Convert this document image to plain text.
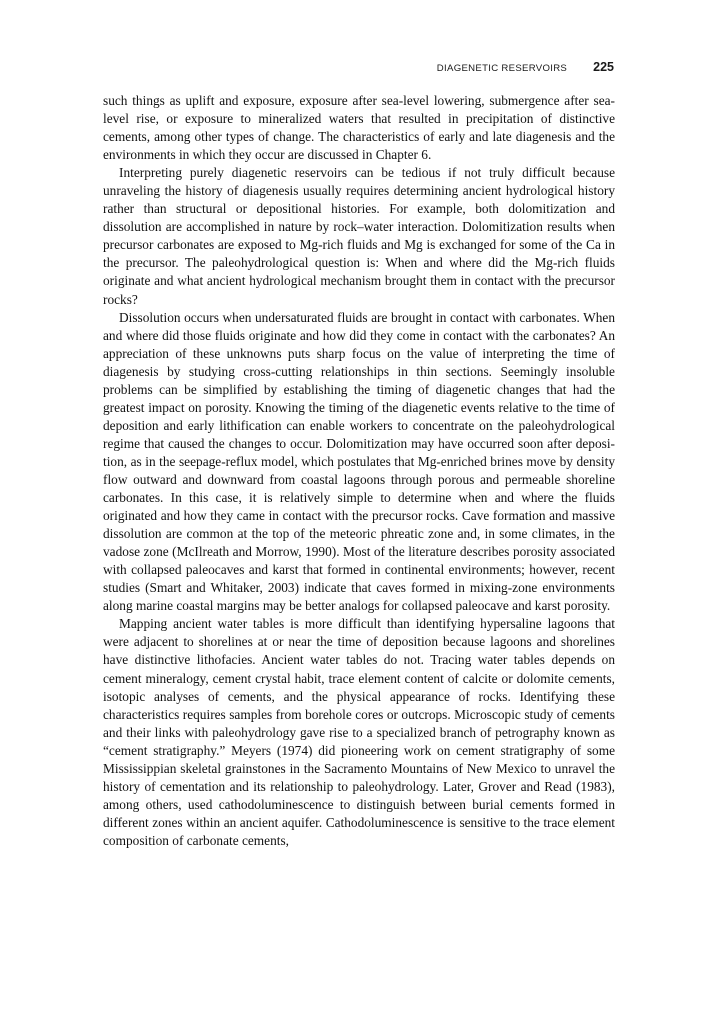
DIAGENETIC RESERVOIRS 225

such things as uplift and exposure, exposure after sea-level lowering, submergence after sea-level rise, or exposure to mineralized waters that resulted in precipitation of distinctive cements, among other types of change. The characteristics of early and late diagenesis and the environments in which they occur are discussed in Chapter 6.

Interpreting purely diagenetic reservoirs can be tedious if not truly difficult because unraveling the history of diagenesis usually requires determining ancient hydrological history rather than structural or depositional histories. For example, both dolomitization and dissolution are accomplished in nature by rock–water interaction. Dolomitization results when precursor carbonates are exposed to Mg-rich fluids and Mg is exchanged for some of the Ca in the precursor. The paleohydrological question is: When and where did the Mg-rich fluids originate and what ancient hydrological mechanism brought them in contact with the precursor rocks?

Dissolution occurs when undersaturated fluids are brought in contact with carbonates. When and where did those fluids originate and how did they come in contact with the carbonates? An appreciation of these unknowns puts sharp focus on the value of interpreting the time of diagenesis by studying cross-cutting relationships in thin sections. Seemingly insoluble problems can be simplified by establishing the timing of diagenetic changes that had the greatest impact on porosity. Knowing the timing of the diagenetic events relative to the time of deposition and early lithification can enable workers to concentrate on the paleohydrological regime that caused the changes to occur. Dolomitization may have occurred soon after deposition, as in the seepage-reflux model, which postulates that Mg-enriched brines move by density flow outward and downward from coastal lagoons through porous and permeable shoreline carbonates. In this case, it is relatively simple to determine when and where the fluids originated and how they came in contact with the precursor rocks. Cave formation and massive dissolution are common at the top of the meteoric phreatic zone and, in some climates, in the vadose zone (McIlreath and Morrow, 1990). Most of the literature describes porosity associated with collapsed paleocaves and karst that formed in continental environments; however, recent studies (Smart and Whitaker, 2003) indicate that caves formed in mixing-zone environments along marine coastal margins may be better analogs for collapsed paleocave and karst porosity.

Mapping ancient water tables is more difficult than identifying hypersaline lagoons that were adjacent to shorelines at or near the time of deposition because lagoons and shorelines have distinctive lithofacies. Ancient water tables do not. Tracing water tables depends on cement mineralogy, cement crystal habit, trace element content of calcite or dolomite cements, isotopic analyses of cements, and the physical appearance of rocks. Identifying these characteristics requires samples from borehole cores or outcrops. Microscopic study of cements and their links with paleohydrology gave rise to a specialized branch of petrography known as “cement stratigraphy.” Meyers (1974) did pioneering work on cement stratigraphy of some Mississippian skeletal grainstones in the Sacramento Mountains of New Mexico to unravel the history of cementation and its relationship to paleohydrology. Later, Grover and Read (1983), among others, used cathodoluminescence to distinguish between burial cements formed in different zones within an ancient aquifer. Cathodoluminescence is sensitive to the trace element composition of carbonate cements,
